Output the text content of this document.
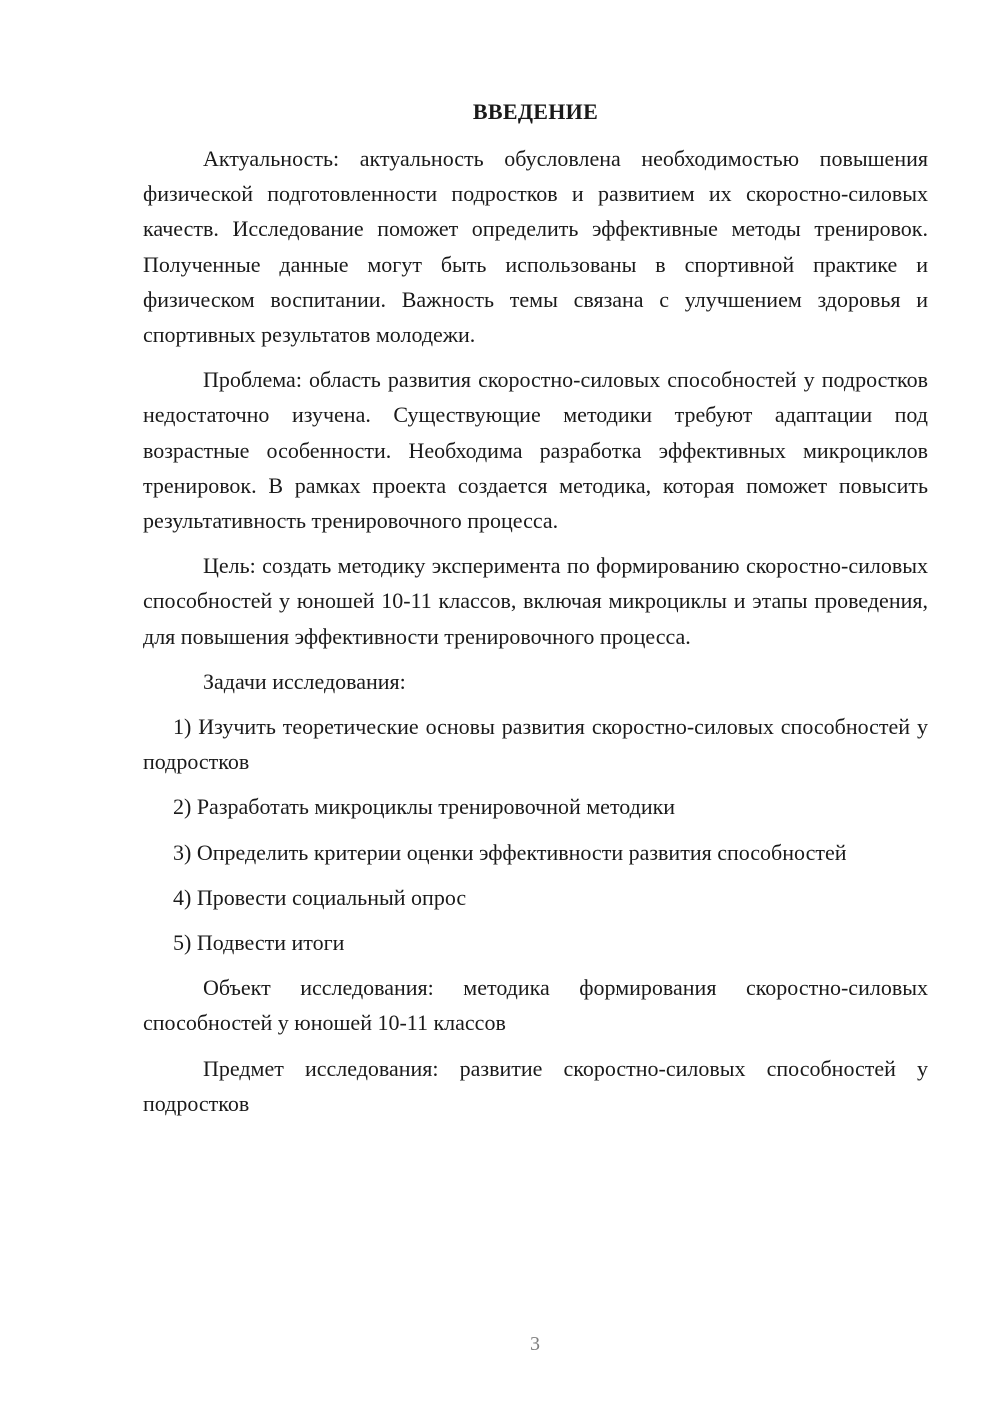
ВВЕДЕНИЕ

Актуальность: актуальность обусловлена необходимостью повышения физической подготовленности подростков и развитием их скоростно-силовых качеств. Исследование поможет определить эффективные методы тренировок. Полученные данные могут быть использованы в спортивной практике и физическом воспитании. Важность темы связана с улучшением здоровья и спортивных результатов молодежи.

Проблема: область развития скоростно-силовых способностей у подростков недостаточно изучена. Существующие методики требуют адаптации под возрастные особенности. Необходима разработка эффективных микроциклов тренировок. В рамках проекта создается методика, которая поможет повысить результативность тренировочного процесса.

Цель: создать методику эксперимента по формированию скоростно-силовых способностей у юношей 10-11 классов, включая микроциклы и этапы проведения, для повышения эффективности тренировочного процесса.

Задачи исследования:

1) Изучить теоретические основы развития скоростно-силовых способностей у подростков

2) Разработать микроциклы тренировочной методики

3) Определить критерии оценки эффективности развития способностей

4) Провести социальный опрос

5) Подвести итоги

Объект исследования: методика формирования скоростно-силовых способностей у юношей 10-11 классов

Предмет исследования: развитие скоростно-силовых способностей у подростков

3
